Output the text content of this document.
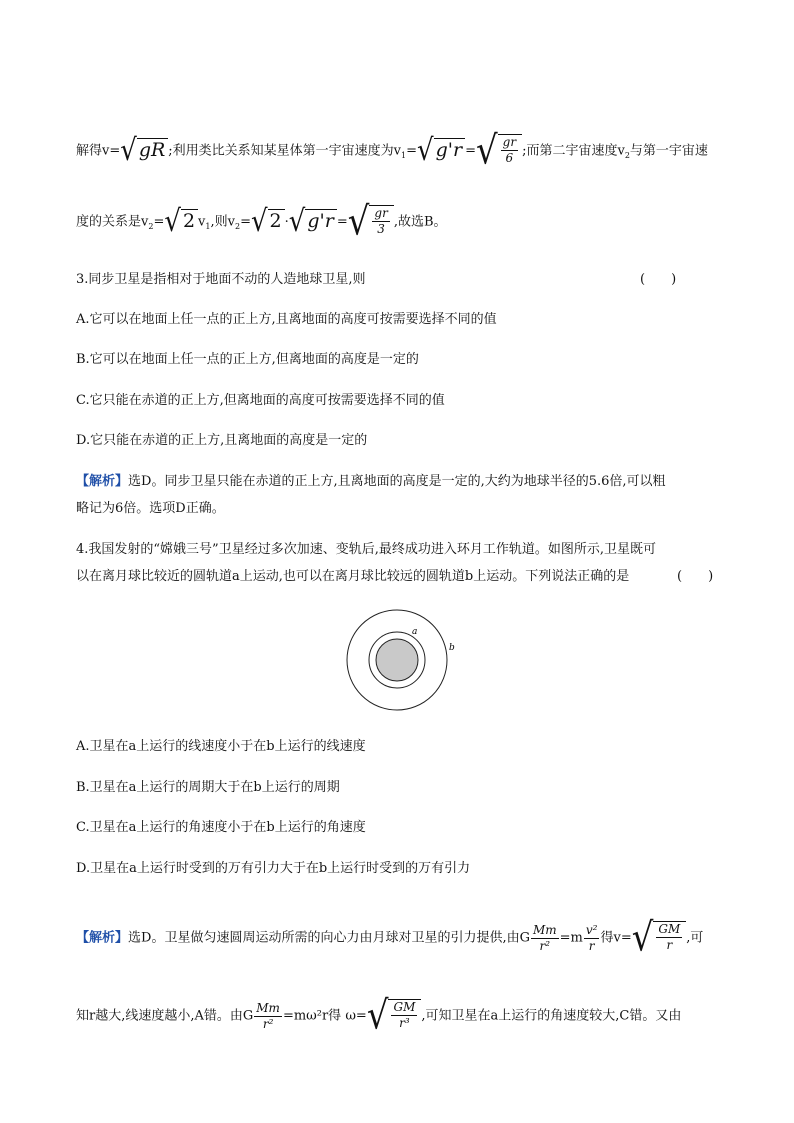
解得v= √ gR ;利用类比关系知某星体第一宇宙速度为$v_1=$ √ g'r = √ $\frac{gr}{6}$ ;而第二宇宙速度$v_2$与第一宇宙速
度的关系是$v_2=$ √ 2 $v_1$,则$v_2=$ √ 2 · √ g'r = √ $\frac{gr}{3}$ ,故选B。
3.同步卫星是指相对于地面不动的人造地球卫星,则	(　　)
A.它可以在地面上任一点的正上方,且离地面的高度可按需要选择不同的值
B.它可以在地面上任一点的正上方,但离地面的高度是一定的
C.它只能在赤道的正上方,但离地面的高度可按需要选择不同的值
D.它只能在赤道的正上方,且离地面的高度是一定的
【解析】选D。同步卫星只能在赤道的正上方,且离地面的高度是一定的,大约为地球半径的5.6倍,可以粗
略记为6倍。选项D正确。
4.我国发射的“嫦娥三号”卫星经过多次加速、变轨后,最终成功进入环月工作轨道。如图所示,卫星既可
以在离月球比较近的圆轨道a上运动,也可以在离月球比较远的圆轨道b上运动。下列说法正确的是	(　　)
a
b
A.卫星在a上运行的线速度小于在b上运行的线速度
B.卫星在a上运行的周期大于在b上运行的周期
C.卫星在a上运行的角速度小于在b上运行的角速度
D.卫星在a上运行时受到的万有引力大于在b上运行时受到的万有引力
【解析】选D。卫星做匀速圆周运动所需的向心力由月球对卫星的引力提供,由G $\frac{Mm}{\text{r²}} =m \frac{\text{v²}}{r}$ 得v= √ $\frac{GM}{r}$ ,可
知r越大,线速度越小,A错。由G $\frac{Mm}{\text{r²}} =m\omega^2r$得 ω= √ $\frac{GM}{\text{r³}}$ ,可知卫星在a上运行的角速度较大,C错。又由
